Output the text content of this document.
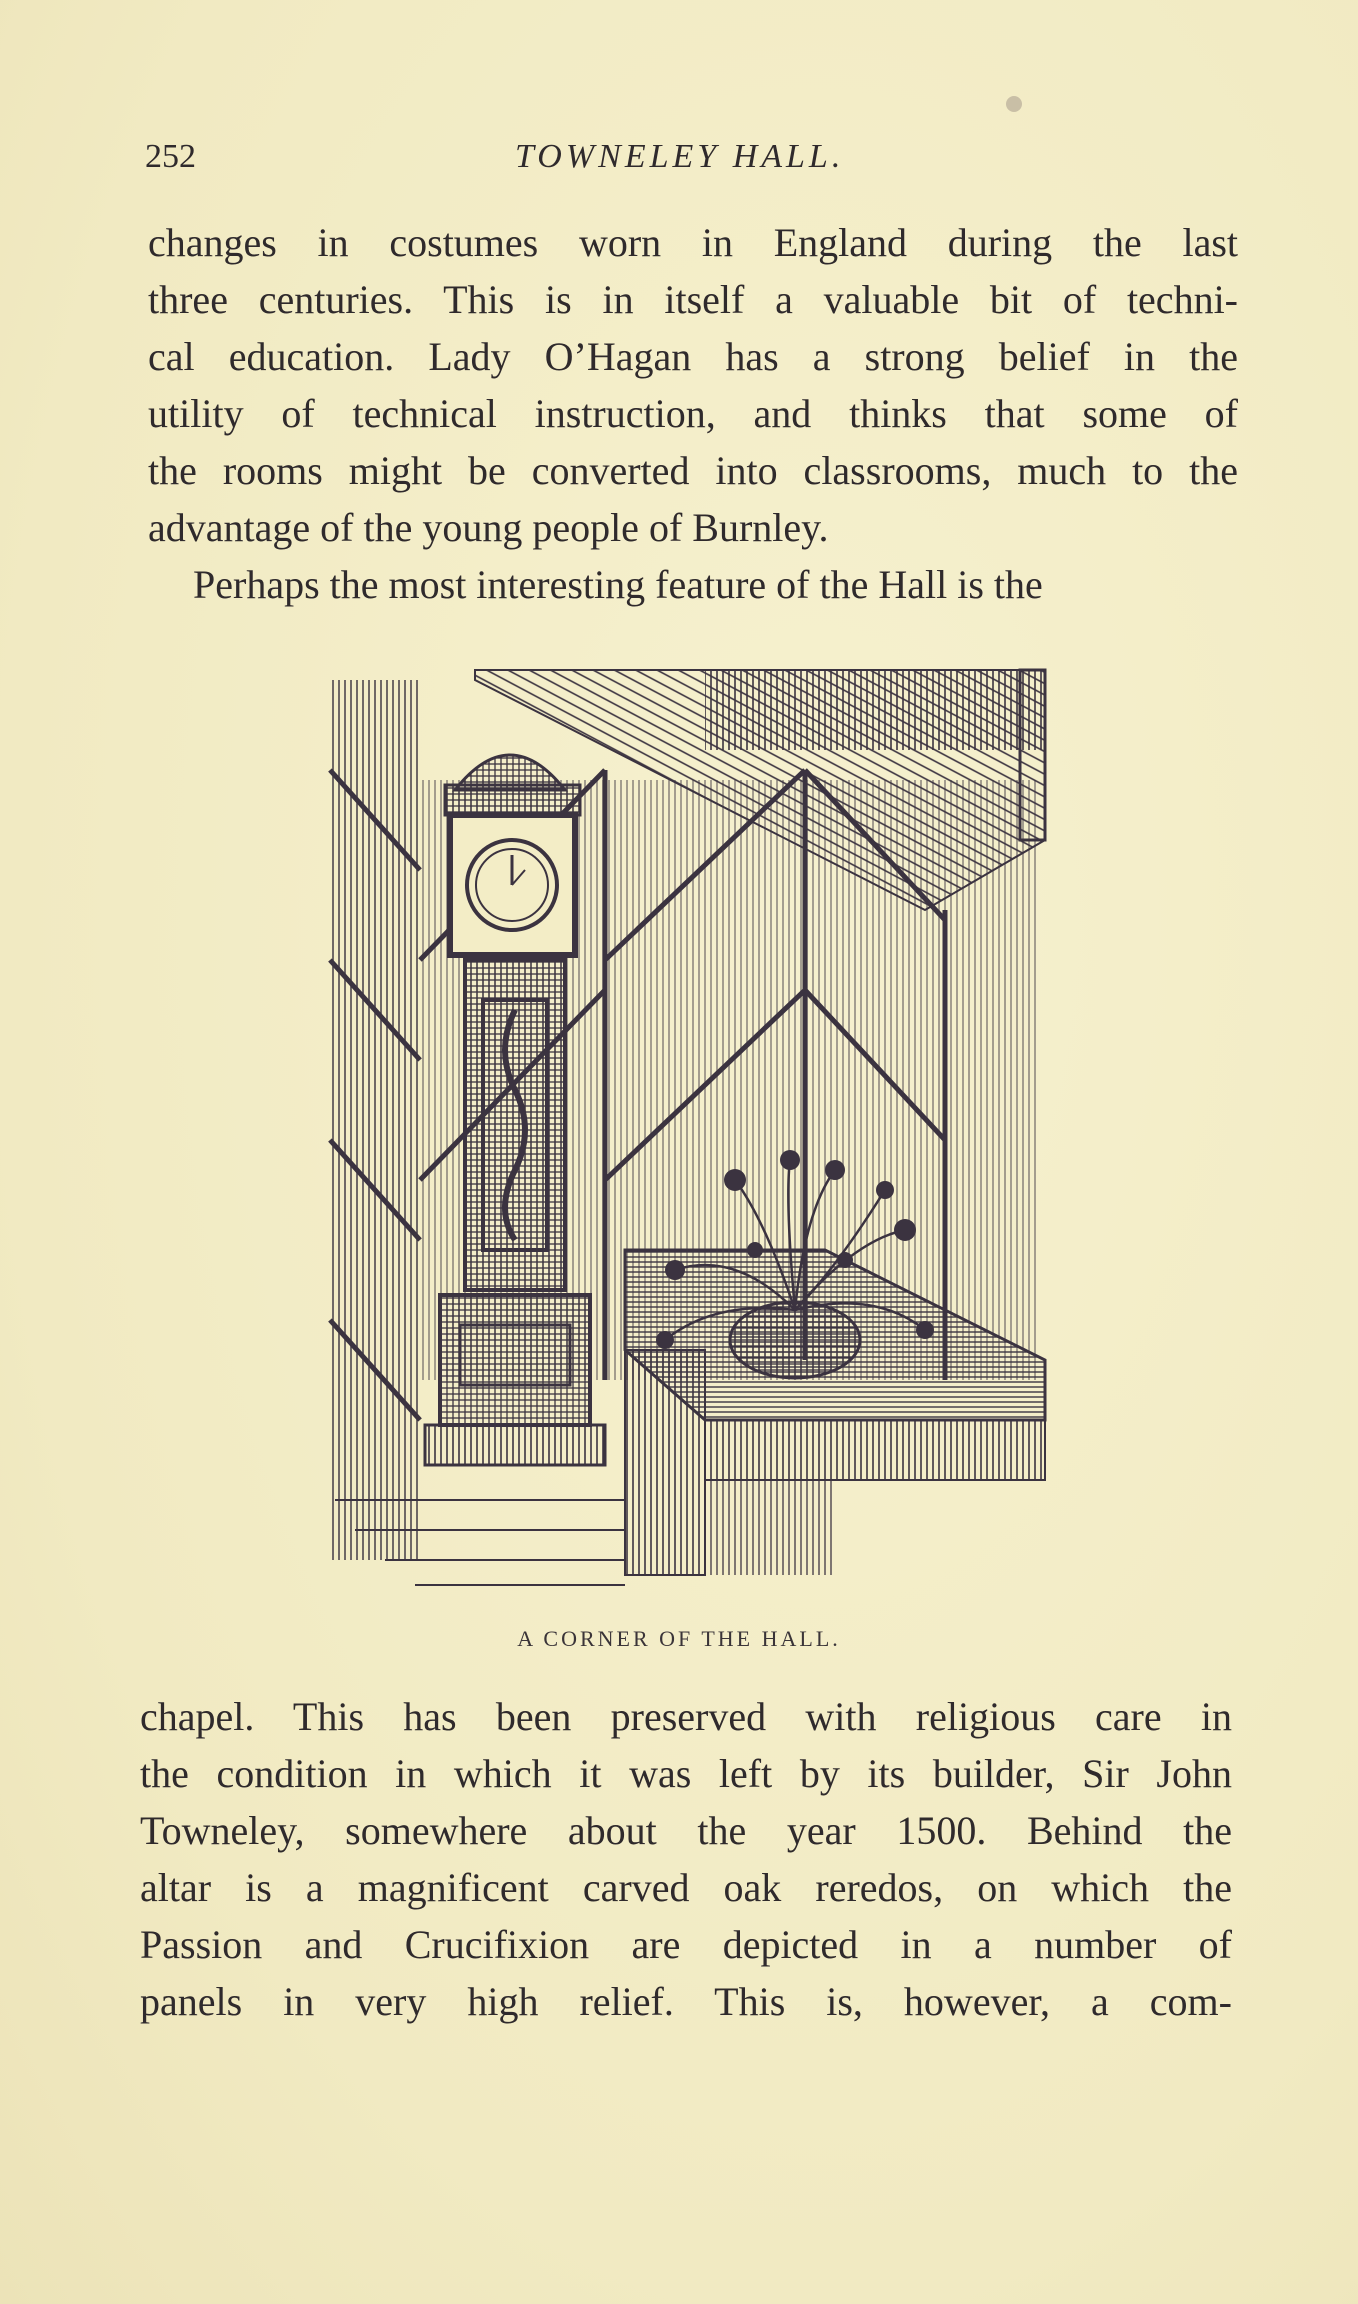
252	TOWNELEY HALL.
changes in costumes worn in England during the last
three centuries. This is in itself a valuable bit of techni-
cal education. Lady O’Hagan has a strong belief in the
utility of technical instruction, and thinks that some of
the rooms might be converted into classrooms, much to the
advantage of the young people of Burnley.
Perhaps the most interesting feature of the Hall is the
A CORNER OF THE HALL.
chapel. This has been preserved with religious care in
the condition in which it was left by its builder, Sir John
Towneley, somewhere about the year 1500. Behind the
altar is a magnificent carved oak reredos, on which the
Passion and Crucifixion are depicted in a number of
panels in very high relief. This is, however, a com-
